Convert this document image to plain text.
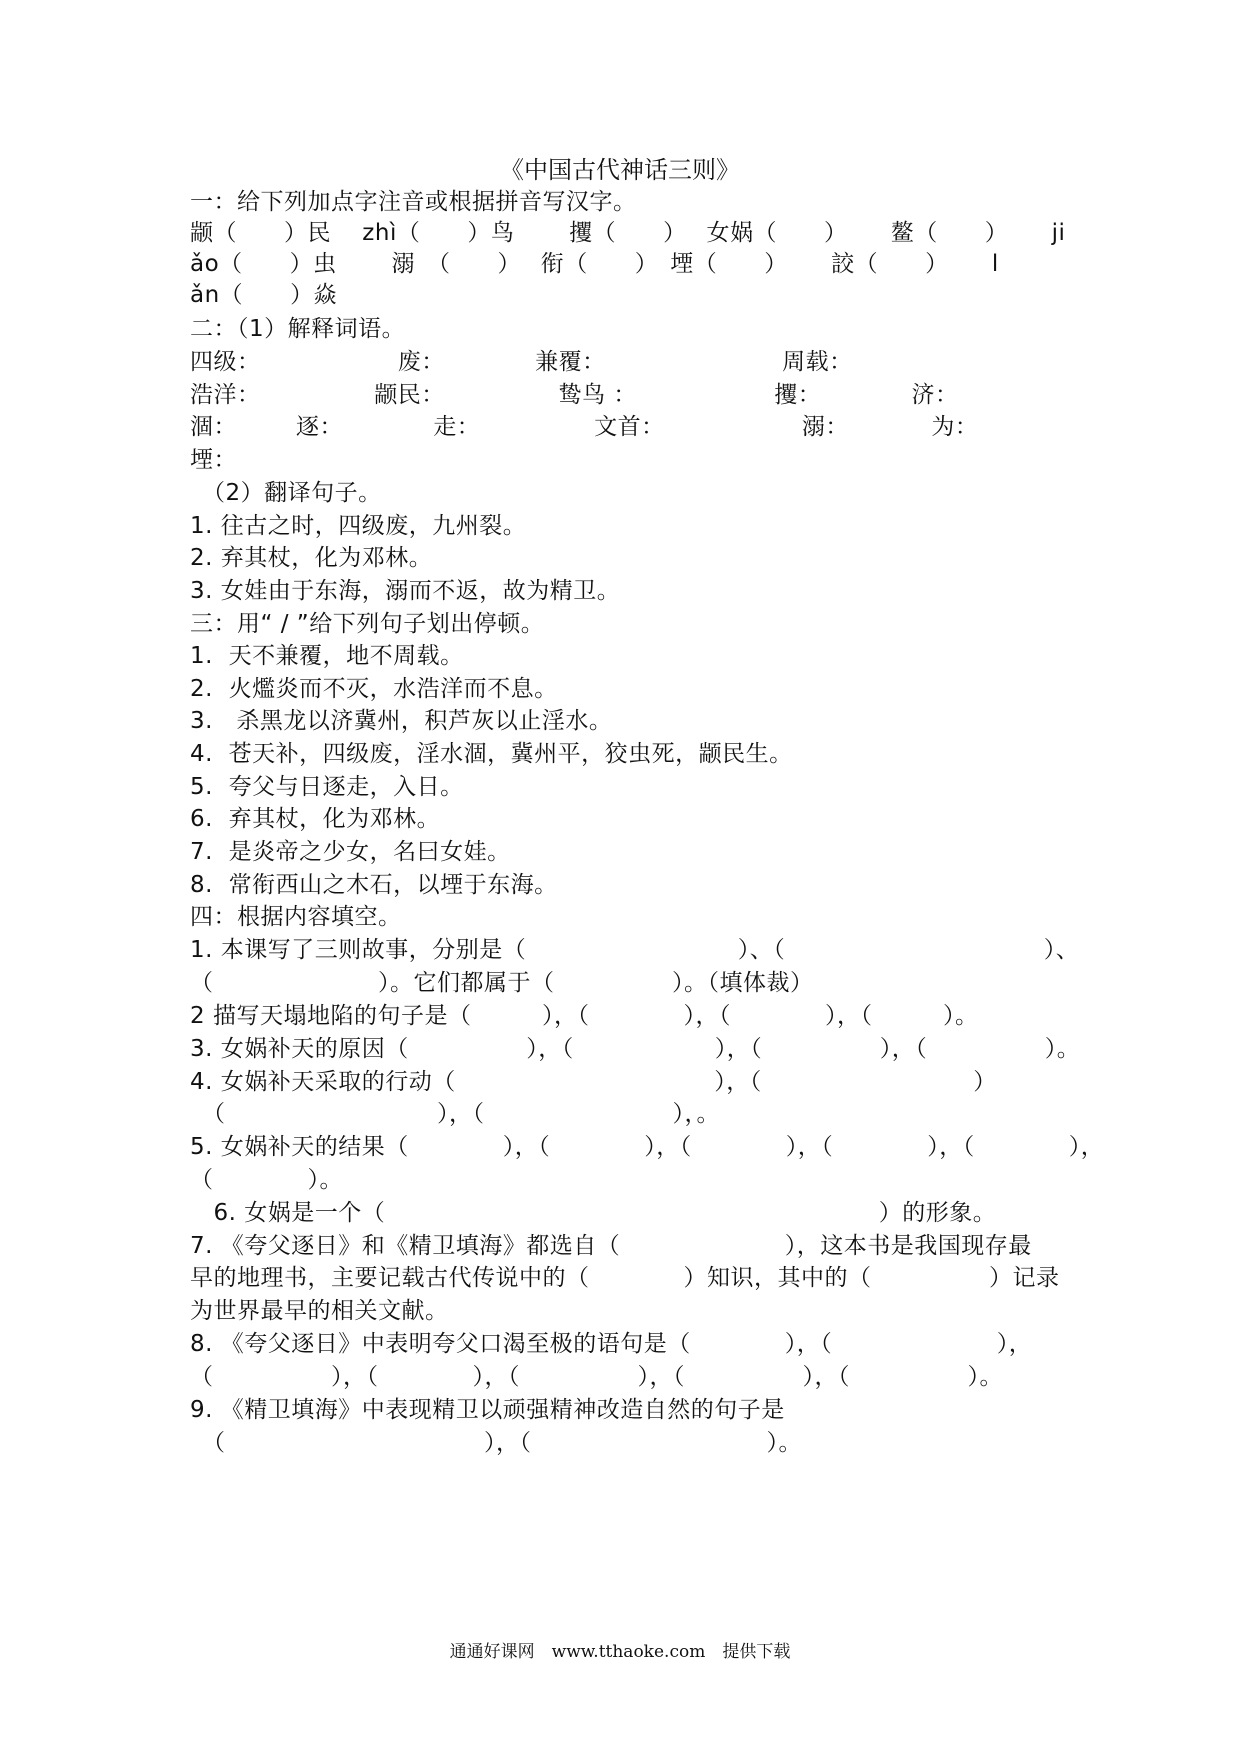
《中国古代神话三则》
一：给下列加点字注音或根据拼音写汉字。
颛（　　）民　 zhì（　　）鸟　　 攫（　　）　 女娲（　　）　　 鳌（　　）　　 ji
ǎo（　　）虫　　 溺　（　　）　 衔（　　）　堙（　　）　　 詨（　　）　　 l
ǎn（　　）焱
二：（1）解释词语。
四级：　　　　　　 废：　　　　 兼覆：　　　　　　　　周载：
浩洋：　　　　　 颛民：　　　　　 鸷鸟 ：　　　　　　 攫：　　　　 济：
涸：　　　逐：　　　　 走：　　　　　 文首：　　　　　　 溺：　　　　为：
堙：
　（2）翻译句子。
1. 往古之时，四级废，九州裂。
2. 弃其杖，化为邓林。
3. 女娃由于东海，溺而不返，故为精卫。
三：用“ / ”给下列句子划出停顿。
1.  天不兼覆，地不周载。
2.  火爁炎而不灭，水浩洋而不息。
3.   杀黑龙以济冀州，积芦灰以止淫水。
4.  苍天补，四级废，淫水涸，冀州平，狡虫死，颛民生。
5.  夸父与日逐走，入日。
6.  弃其杖，化为邓林。
7.  是炎帝之少女，名曰女娃。
8.  常衔西山之木石，以堙于东海。
四：根据内容填空。
1. 本课写了三则故事，分别是（　　　　　　　　　）、（　　　　　　　　　　　）、
（　　　　　　　）。它们都属于（　　　　　）。（填体裁）
2 描写天塌地陷的句子是（　　　），（　　　　），（　　　　），（　　　）。
3. 女娲补天的原因（　　　　　），（　　　　　　），（　　　　　），（　　　　　）。
4. 女娲补天采取的行动（　　　　　　　　　　　），（　　　　　　　　　）
　（　　　　　　　　　），（　　　　　　　　），。
5. 女娲补天的结果（　　　　），（　　　　），（　　　　），（　　　　），（　　　　），
（　　　　）。
　6. 女娲是一个（　　　　　　　　　　　　　　　　　　　　　）的形象。
7. 《夸父逐日》和《精卫填海》都选自（　　　　　　　），这本书是我国现存最
早的地理书，主要记载古代传说中的（　　　　）知识，其中的（　　　　　）记录
为世界最早的相关文献。
8. 《夸父逐日》中表明夸父口渴至极的语句是（　　　　），（　　　　　　　），
（　　　　　），（　　　　），（　　　　　），（　　　　　），（　　　　　）。
9. 《精卫填海》中表现精卫以顽强精神改造自然的句子是
　（　　　　　　　　　　　），（　　　　　　　　　　）。
通通好课网　www.tthaoke.com　提供下载
